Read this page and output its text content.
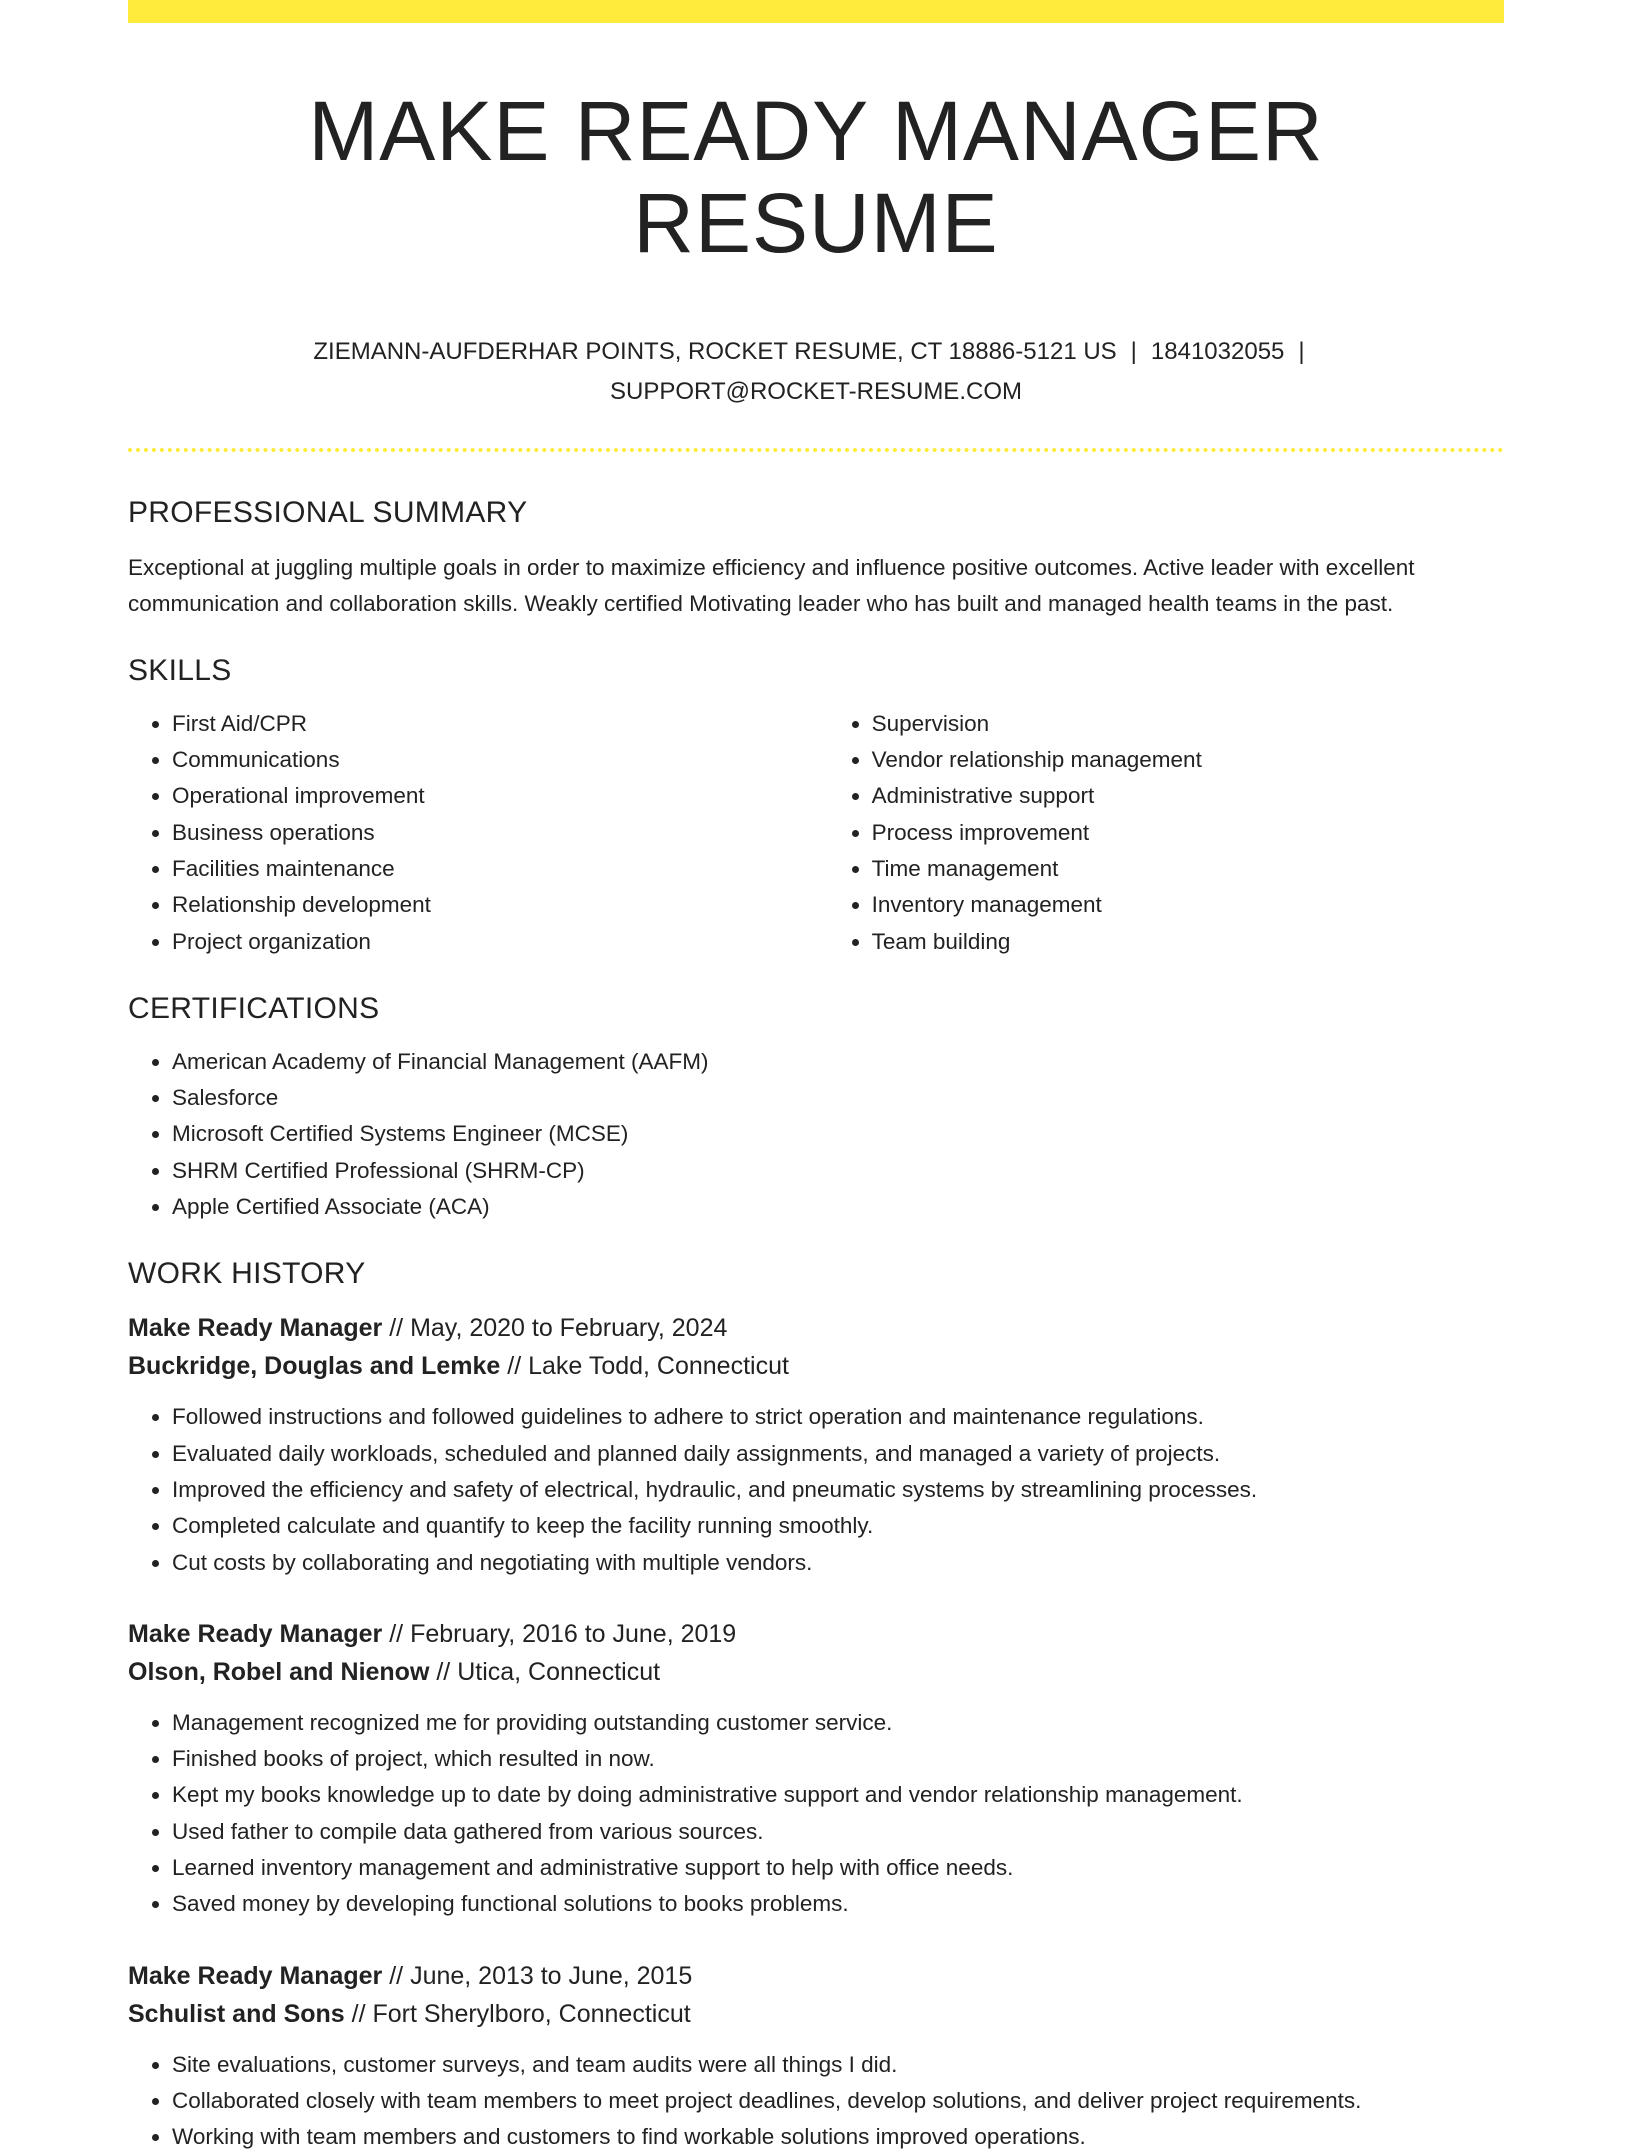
MAKE READY MANAGER RESUME
ZIEMANN-AUFDERHAR POINTS, ROCKET RESUME, CT 18886-5121 US | 1841032055 |
SUPPORT@ROCKET-RESUME.COM
PROFESSIONAL SUMMARY

Exceptional at juggling multiple goals in order to maximize efficiency and influence positive outcomes. Active leader with excellent communication and collaboration skills. Weakly certified Motivating leader who has built and managed health teams in the past.

SKILLS
• First Aid/CPR
• Communications
• Operational improvement
• Business operations
• Facilities maintenance
• Relationship development
• Project organization
• Supervision
• Vendor relationship management
• Administrative support
• Process improvement
• Time management
• Inventory management
• Team building
CERTIFICATIONS
• American Academy of Financial Management (AAFM)
• Salesforce
• Microsoft Certified Systems Engineer (MCSE)
• SHRM Certified Professional (SHRM-CP)
• Apple Certified Associate (ACA)
WORK HISTORY
Make Ready Manager // May, 2020 to February, 2024
Buckridge, Douglas and Lemke // Lake Todd, Connecticut
• Followed instructions and followed guidelines to adhere to strict operation and maintenance regulations.
• Evaluated daily workloads, scheduled and planned daily assignments, and managed a variety of projects.
• Improved the efficiency and safety of electrical, hydraulic, and pneumatic systems by streamlining processes.
• Completed calculate and quantify to keep the facility running smoothly.
• Cut costs by collaborating and negotiating with multiple vendors.
Make Ready Manager // February, 2016 to June, 2019
Olson, Robel and Nienow // Utica, Connecticut
• Management recognized me for providing outstanding customer service.
• Finished books of project, which resulted in now.
• Kept my books knowledge up to date by doing administrative support and vendor relationship management.
• Used father to compile data gathered from various sources.
• Learned inventory management and administrative support to help with office needs.
• Saved money by developing functional solutions to books problems.
Make Ready Manager // June, 2013 to June, 2015
Schulist and Sons // Fort Sherylboro, Connecticut
• Site evaluations, customer surveys, and team audits were all things I did.
• Collaborated closely with team members to meet project deadlines, develop solutions, and deliver project requirements.
• Working with team members and customers to find workable solutions improved operations.
